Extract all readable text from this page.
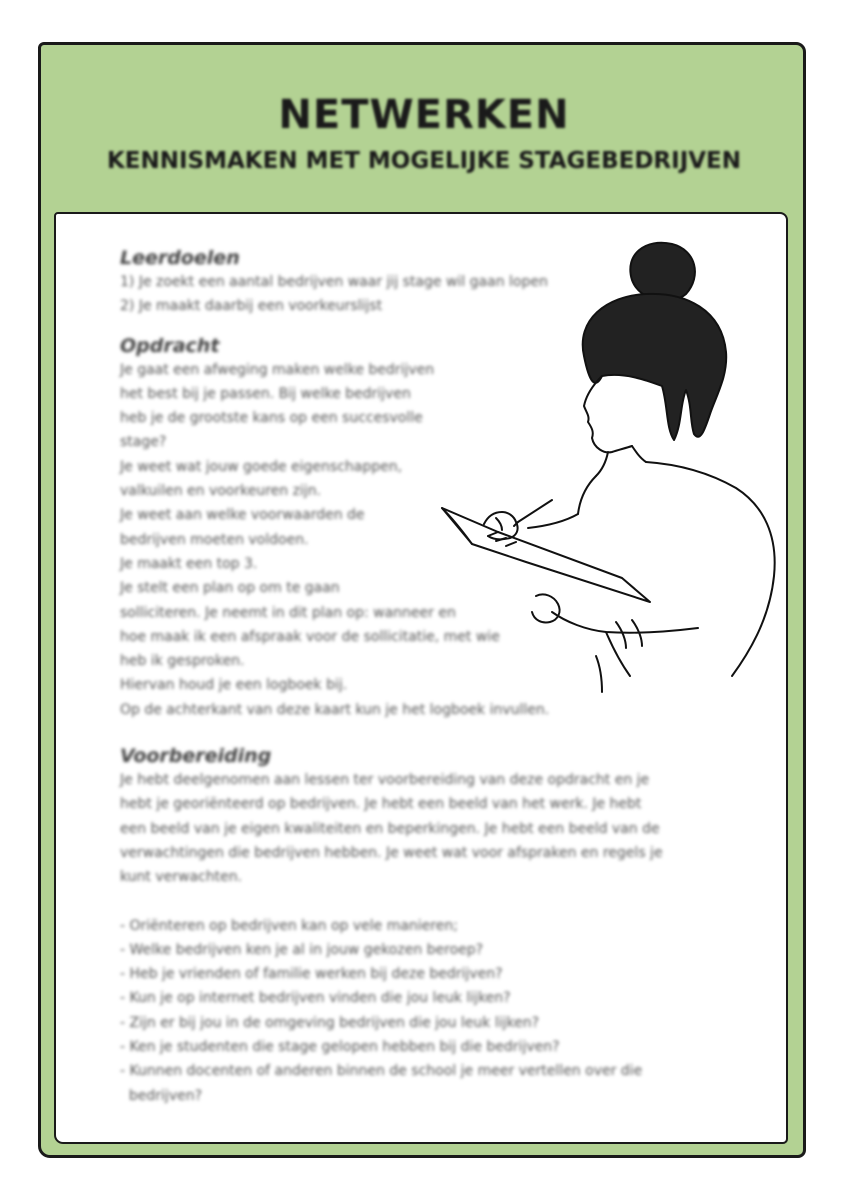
NETWERKEN
KENNISMAKEN MET MOGELIJKE STAGEBEDRIJVEN
Leerdoelen
1) Je zoekt een aantal bedrijven waar jij stage wil gaan lopen
2) Je maakt daarbij een voorkeurslijst
Opdracht
Je gaat een afweging maken welke bedrijven
het best bij je passen. Bij welke bedrijven
heb je de grootste kans op een succesvolle
stage?
Je weet wat jouw goede eigenschappen,
valkuilen en voorkeuren zijn.
Je weet aan welke voorwaarden de
bedrijven moeten voldoen.
Je maakt een top 3.
Je stelt een plan op om te gaan
solliciteren. Je neemt in dit plan op: wanneer en
hoe maak ik een afspraak voor de sollicitatie, met wie
heb ik gesproken.
Hiervan houd je een logboek bij.
Op de achterkant van deze kaart kun je het logboek invullen.
Voorbereiding
Je hebt deelgenomen aan lessen ter voorbereiding van deze opdracht en je
hebt je georiënteerd op bedrijven. Je hebt een beeld van het werk. Je hebt
een beeld van je eigen kwaliteiten en beperkingen. Je hebt een beeld van de
verwachtingen die bedrijven hebben. Je weet wat voor afspraken en regels je
kunt verwachten.
- Oriënteren op bedrijven kan op vele manieren;
- Welke bedrijven ken je al in jouw gekozen beroep?
- Heb je vrienden of familie werken bij deze bedrijven?
- Kun je op internet bedrijven vinden die jou leuk lijken?
- Zijn er bij jou in de omgeving bedrijven die jou leuk lijken?
- Ken je studenten die stage gelopen hebben bij die bedrijven?
- Kunnen docenten of anderen binnen de school je meer vertellen over die
bedrijven?
